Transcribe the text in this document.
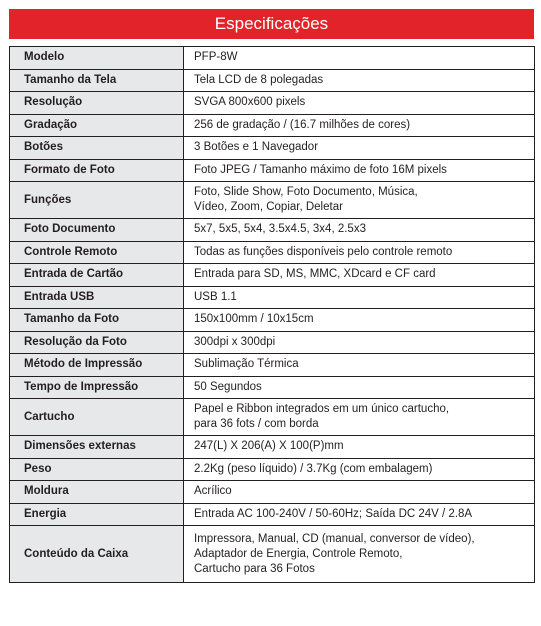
Especificações
Modelo	PFP-8W
Tamanho da Tela	Tela LCD de 8 polegadas
Resolução	SVGA 800x600 pixels
Gradação	256 de gradação / (16.7 milhões de cores)
Botões	3 Botões e 1 Navegador
Formato de Foto	Foto JPEG / Tamanho máximo de foto 16M pixels
Funções	Foto, Slide Show, Foto Documento, Música,
Vídeo, Zoom, Copiar, Deletar

Foto Documento	5x7, 5x5, 5x4, 3.5x4.5, 3x4, 2.5x3
Controle Remoto	Todas as funções disponíveis pelo controle remoto
Entrada de Cartão	Entrada para SD, MS, MMC, XDcard e CF card
Entrada USB	USB 1.1
Tamanho da Foto	150x100mm / 10x15cm
Resolução da Foto	300dpi x 300dpi
Método de Impressão	Sublimação Térmica
Tempo de Impressão	50 Segundos
Cartucho	Papel e Ribbon integrados em um único cartucho,
para 36 fots / com borda

Dimensões externas	247(L) X 206(A) X 100(P)mm
Peso	2.2Kg (peso líquido) / 3.7Kg (com embalagem)
Moldura	Acrílico
Energia	Entrada AC 100-240V / 50-60Hz; Saída DC 24V / 2.8A
Conteúdo da Caixa	Impressora, Manual, CD (manual, conversor de vídeo),
Adaptador de Energia, Controle Remoto,
Cartucho para 36 Fotos
